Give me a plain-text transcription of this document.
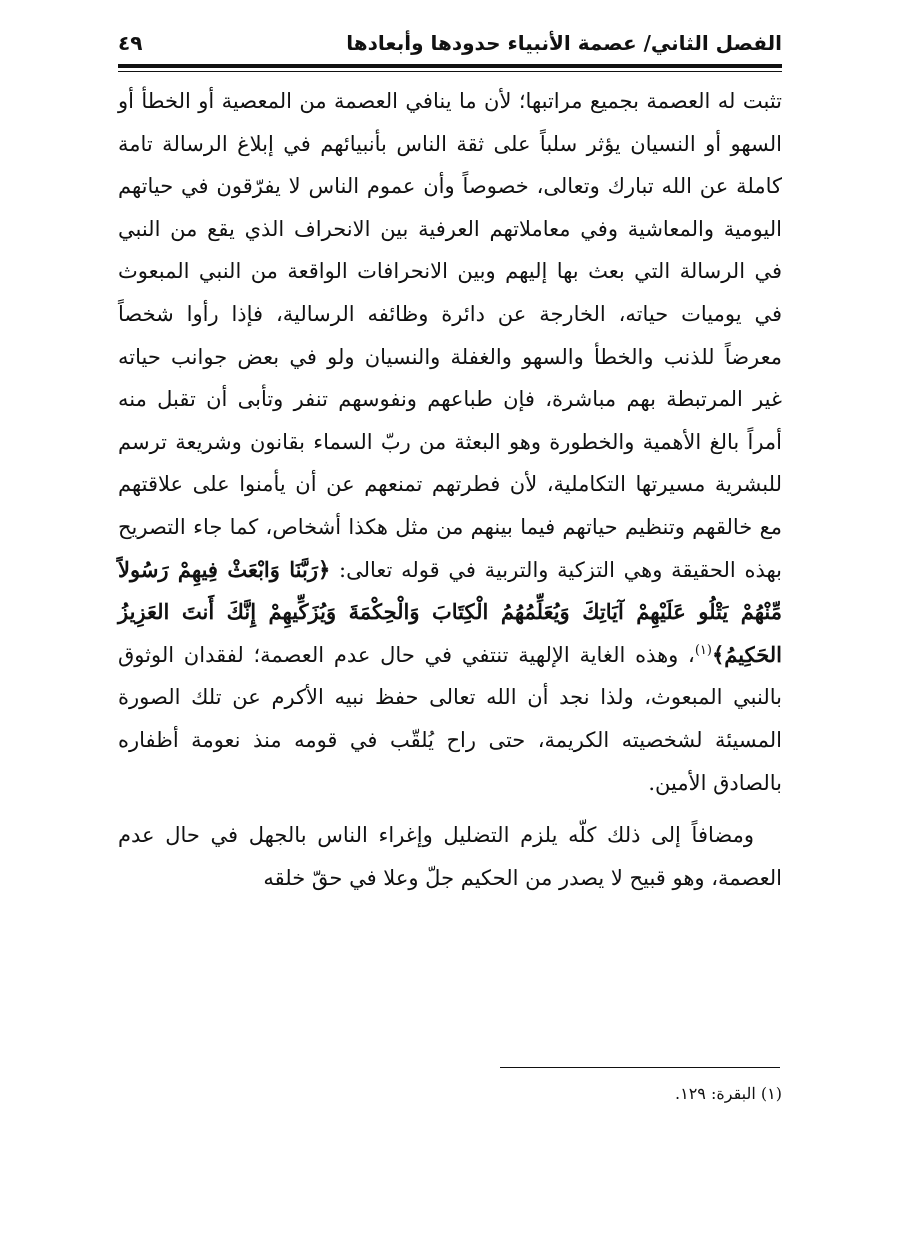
الفصل الثاني/ عصمة الأنبياء حدودها وأبعادها
٤٩

تثبت له العصمة بجميع مراتبها؛ لأن ما ينافي العصمة من المعصية أو الخطأ أو السهو أو النسيان يؤثر سلباً على ثقة الناس بأنبيائهم في إبلاغ الرسالة تامة كاملة عن الله تبارك وتعالى، خصوصاً وأن عموم الناس لا يفرّقون في حياتهم اليومية والمعاشية وفي معاملاتهم العرفية بين الانحراف الذي يقع من النبي في الرسالة التي بعث بها إليهم وبين الانحرافات الواقعة من النبي المبعوث في يوميات حياته، الخارجة عن دائرة وظائفه الرسالية، فإذا رأوا شخصاً معرضاً للذنب والخطأ والسهو والغفلة والنسيان ولو في بعض جوانب حياته غير المرتبطة بهم مباشرة، فإن طباعهم ونفوسهم تنفر وتأبى أن تقبل منه أمراً بالغ الأهمية والخطورة وهو البعثة من ربّ السماء بقانون وشريعة ترسم للبشرية مسيرتها التكاملية، لأن فطرتهم تمنعهم عن أن يأمنوا على علاقتهم مع خالقهم وتنظيم حياتهم فيما بينهم من مثل هكذا أشخاص، كما جاء التصريح بهذه الحقيقة وهي التزكية والتربية في قوله تعالى: ﴿رَبَّنَا وَابْعَثْ فِيهِمْ رَسُولاً مِّنْهُمْ يَتْلُو عَلَيْهِمْ آيَاتِكَ وَيُعَلِّمُهُمُ الْكِتَابَ وَالْحِكْمَةَ وَيُزَكِّيهِمْ إِنَّكَ أَنتَ العَزِيزُ الحَكِيمُ﴾$^{(١)}$، وهذه الغاية الإلهية تنتفي في حال عدم العصمة؛ لفقدان الوثوق بالنبي المبعوث، ولذا نجد أن الله تعالى حفظ نبيه الأكرم عن تلك الصورة المسيئة لشخصيته الكريمة، حتى راح يُلقّب في قومه منذ نعومة أظفاره بالصادق الأمين.

ومضافاً إلى ذلك كلّه يلزم التضليل وإغراء الناس بالجهل في حال عدم العصمة، وهو قبيح لا يصدر من الحكيم جلّ وعلا في حقّ خلقه

(١) البقرة: ١٢٩.
